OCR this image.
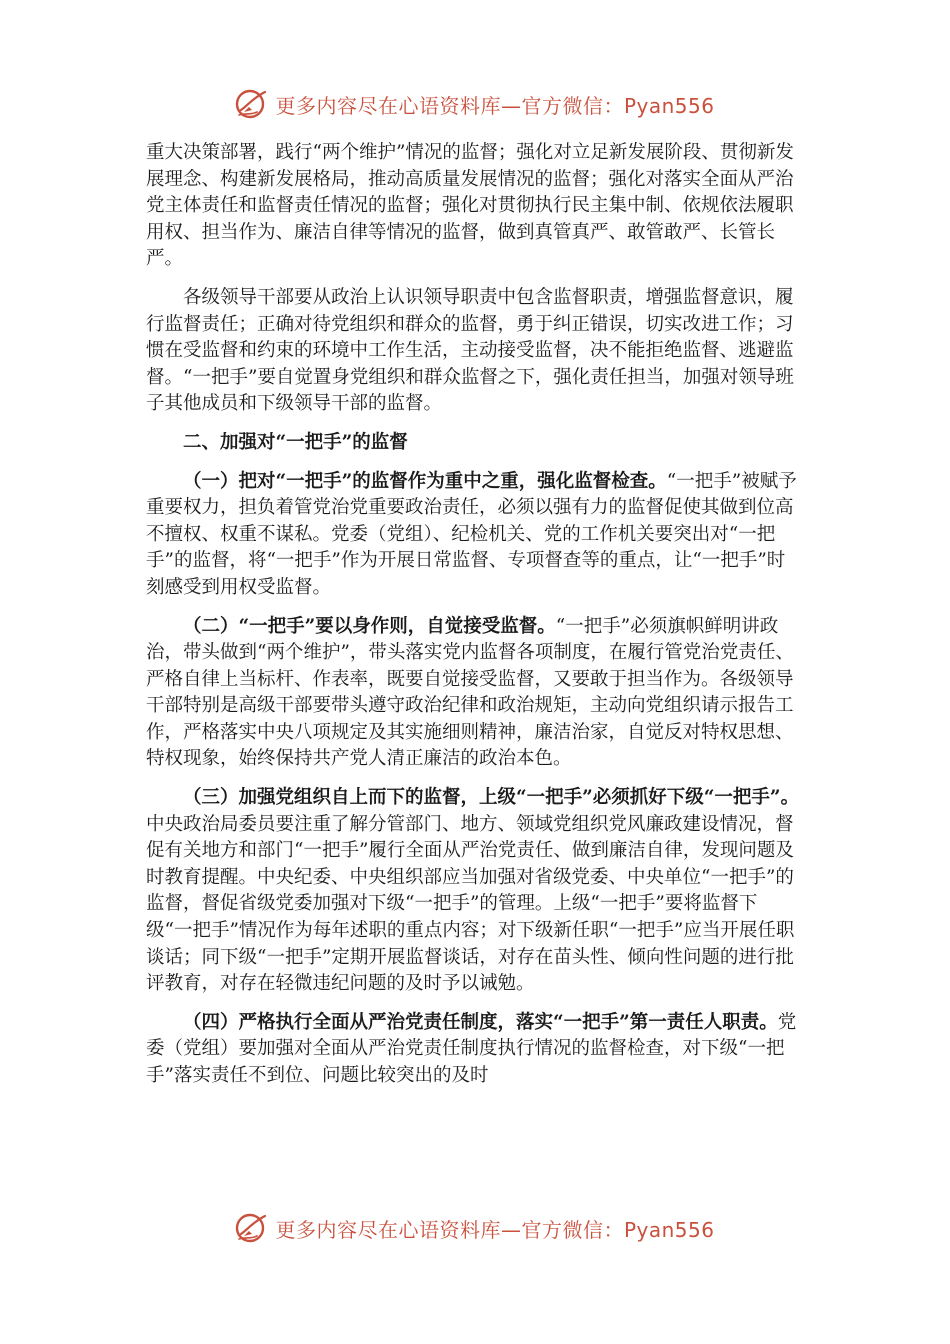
更多内容尽在心语资料库—官方微信：Pyan556

重大决策部署，践行“两个维护”情况的监督；强化对立足新发展阶段、贯彻新发展理念、构建新发展格局，推动高质量发展情况的监督；强化对落实全面从严治党主体责任和监督责任情况的监督；强化对贯彻执行民主集中制、依规依法履职用权、担当作为、廉洁自律等情况的监督，做到真管真严、敢管敢严、长管长严。

各级领导干部要从政治上认识领导职责中包含监督职责，增强监督意识，履行监督责任；正确对待党组织和群众的监督，勇于纠正错误，切实改进工作；习惯在受监督和约束的环境中工作生活，主动接受监督，决不能拒绝监督、逃避监督。“一把手”要自觉置身党组织和群众监督之下，强化责任担当，加强对领导班子其他成员和下级领导干部的监督。

二、加强对“一把手”的监督

（一）把对“一把手”的监督作为重中之重，强化监督检查。“一把手”被赋予重要权力，担负着管党治党重要政治责任，必须以强有力的监督促使其做到位高不擅权、权重不谋私。党委（党组）、纪检机关、党的工作机关要突出对“一把手”的监督，将“一把手”作为开展日常监督、专项督查等的重点，让“一把手”时刻感受到用权受监督。

（二）“一把手”要以身作则，自觉接受监督。“一把手”必须旗帜鲜明讲政治，带头做到“两个维护”，带头落实党内监督各项制度，在履行管党治党责任、严格自律上当标杆、作表率，既要自觉接受监督，又要敢于担当作为。各级领导干部特别是高级干部要带头遵守政治纪律和政治规矩，主动向党组织请示报告工作，严格落实中央八项规定及其实施细则精神，廉洁治家，自觉反对特权思想、特权现象，始终保持共产党人清正廉洁的政治本色。

（三）加强党组织自上而下的监督，上级“一把手”必须抓好下级“一把手”。中央政治局委员要注重了解分管部门、地方、领域党组织党风廉政建设情况，督促有关地方和部门“一把手”履行全面从严治党责任、做到廉洁自律，发现问题及时教育提醒。中央纪委、中央组织部应当加强对省级党委、中央单位“一把手”的监督，督促省级党委加强对下级“一把手”的管理。上级“一把手”要将监督下级“一把手”情况作为每年述职的重点内容；对下级新任职“一把手”应当开展任职谈话；同下级“一把手”定期开展监督谈话，对存在苗头性、倾向性问题的进行批评教育，对存在轻微违纪问题的及时予以诫勉。

（四）严格执行全面从严治党责任制度，落实“一把手”第一责任人职责。党委（党组）要加强对全面从严治党责任制度执行情况的监督检查，对下级“一把手”落实责任不到位、问题比较突出的及时

更多内容尽在心语资料库—官方微信：Pyan556
